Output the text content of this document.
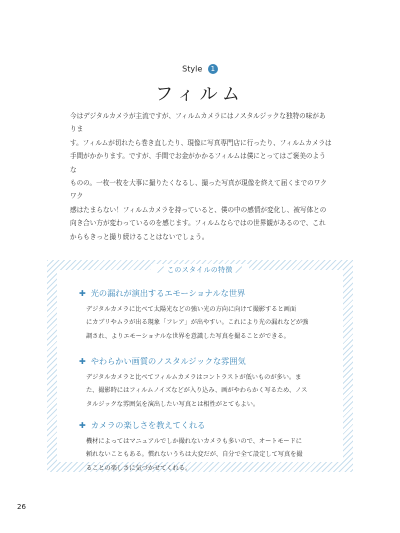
Style 1
フィルム

今はデジタルカメラが主流ですが、フィルムカメラにはノスタルジックな独特の味がありま

す。フィルムが切れたら巻き直したり、現像に写真専門店に行ったり、フィルムカメラは

手間がかかります。ですが、手間でお金がかかるフィルムは僕にとってはご褒美のような

ものの。一枚一枚を大事に撮りたくなるし、撮った写真が現像を終えて届くまでのワクワク

感はたまらない！フィルムカメラを持っていると、僕の中の感情が変化し、被写体との

向き合い方が変わっているのを感じます。フィルムならではの世界観があるので、これ

からもきっと撮り続けることはないでしょう。

／ このスタイルの特徴 ／
✚ 光の漏れが演出するエモーショナルな世界

デジタルカメラに比べて太陽光などの強い光の方向に向けて撮影すると画面

にカブリやムラが出る現象「フレア」が出やすい。これにより光の漏れなどが強

調され、よりエモーショナルな世界を意識した写真を撮ることができる。

✚ やわらかい画質のノスタルジックな雰囲気

デジタルカメラと比べてフィルムカメラはコントラストが低いものが多い。ま

た、撮影時にはフィルムノイズなどが入り込み、画がやわらかく写るため、ノス

タルジックな雰囲気を演出したい写真とは相性がとてもよい。

✚ カメラの楽しさを教えてくれる

機材によってはマニュアルでしか撮れないカメラも多いので、オートモードに

頼れないこともある。慣れないうちは大変だが、自分で全て設定して写真を撮

ることの楽しさに気づかせてくれる。

26
